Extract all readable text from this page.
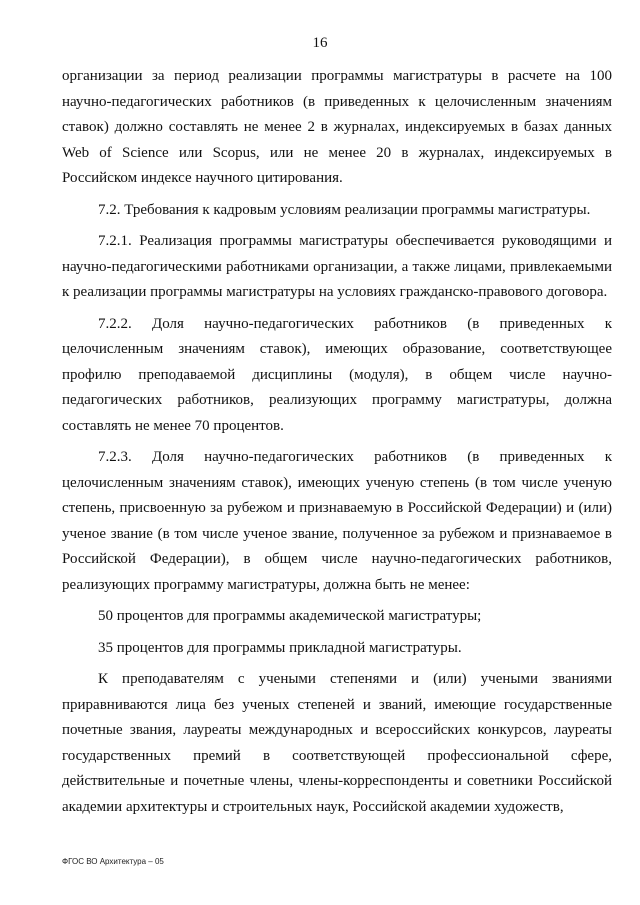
16

организации за период реализации программы магистратуры в расчете на 100 научно-педагогических работников (в приведенных к целочисленным значениям ставок) должно составлять не менее 2 в журналах, индексируемых в базах данных Web of Science или Scopus, или не менее 20 в журналах, индексируемых в Российском индексе научного цитирования.

7.2. Требования к кадровым условиям реализации программы магистратуры.

7.2.1. Реализация программы магистратуры обеспечивается руководящими и научно-педагогическими работниками организации, а также лицами, привлекаемыми к реализации программы магистратуры на условиях гражданско-правового договора.

7.2.2. Доля научно-педагогических работников (в приведенных к целочисленным значениям ставок), имеющих образование, соответствующее профилю преподаваемой дисциплины (модуля), в общем числе научно-педагогических работников, реализующих программу магистратуры, должна составлять не менее 70 процентов.

7.2.3. Доля научно-педагогических работников (в приведенных к целочисленным значениям ставок), имеющих ученую степень (в том числе ученую степень, присвоенную за рубежом и признаваемую в Российской Федерации) и (или) ученое звание (в том числе ученое звание, полученное за рубежом и признаваемое в Российской Федерации), в общем числе научно-педагогических работников, реализующих программу магистратуры, должна быть не менее:

50 процентов для программы академической магистратуры;

35 процентов для программы прикладной магистратуры.

К преподавателям с учеными степенями и (или) учеными званиями приравниваются лица без ученых степеней и званий, имеющие государственные почетные звания, лауреаты международных и всероссийских конкурсов, лауреаты государственных премий в соответствующей профессиональной сфере, действительные и почетные члены, члены-корреспонденты и советники Российской академии архитектуры и строительных наук, Российской академии художеств,

ФГОС ВО Архитектура – 05
